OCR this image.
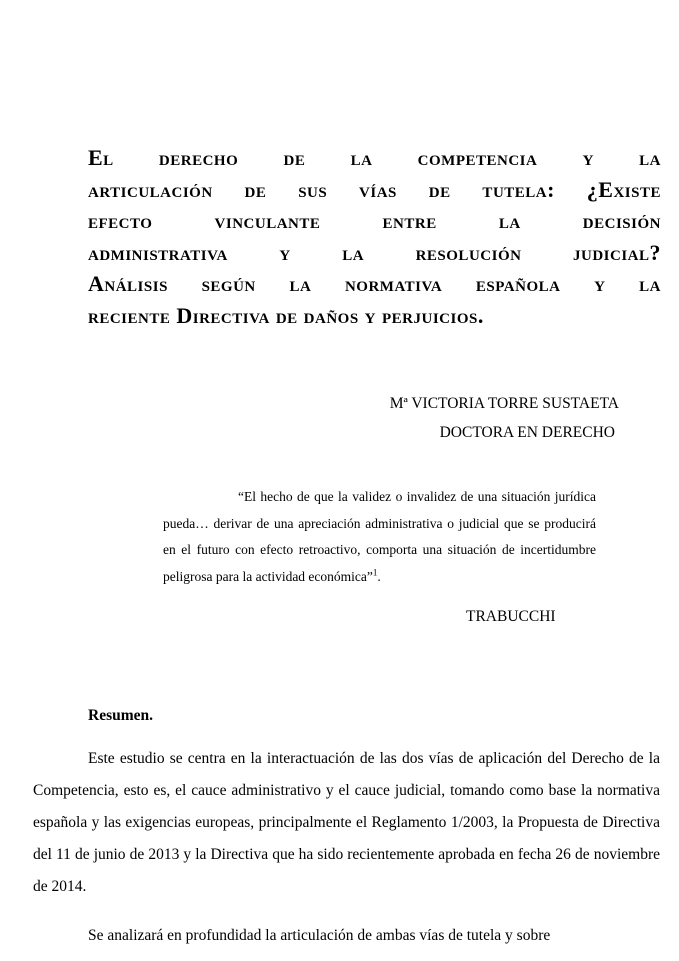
El derecho de la competencia y la
articulación de sus vías de tutela: ¿Existe
efecto vinculante entre la decisión
administrativa y la resolución judicial?
Análisis según la normativa española y la
reciente Directiva de daños y perjuicios.
Mª VICTORIA TORRE SUSTAETA
DOCTORA EN DERECHO

“El hecho de que la validez o invalidez de una situación jurídica pueda… derivar de una apreciación administrativa o judicial que se producirá en el futuro con efecto retroactivo, comporta una situación de incertidumbre peligrosa para la actividad económica”$^1$.

TRABUCCHI
Resumen.

Este estudio se centra en la interactuación de las dos vías de aplicación del Derecho de la Competencia, esto es, el cauce administrativo y el cauce judicial, tomando como base la normativa española y las exigencias europeas, principalmente el Reglamento 1/2003, la Propuesta de Directiva del 11 de junio de 2013 y la Directiva que ha sido recientemente aprobada en fecha 26 de noviembre de 2014.

Se analizará en profundidad la articulación de ambas vías de tutela y sobre
